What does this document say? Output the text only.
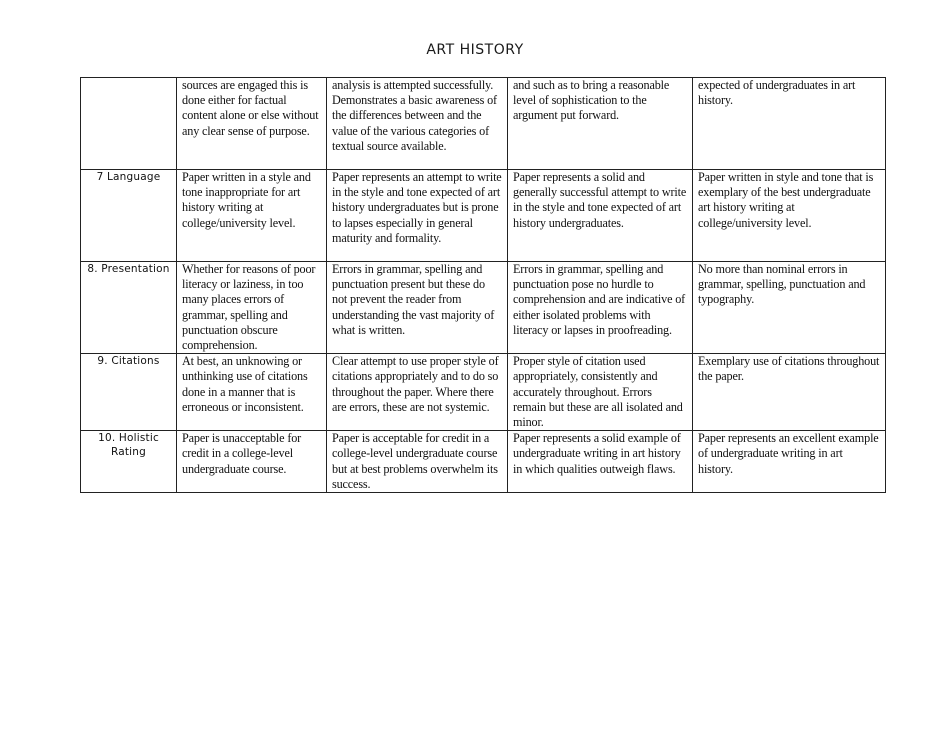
ART HISTORY
	sources are engaged this is done either for factual content alone or else without any clear sense of purpose.	analysis is attempted successfully. Demonstrates a basic awareness of the differences between and the value of the various categories of textual source available.	and such as to bring a reasonable level of sophistication to the argument put forward.	expected of undergraduates in art history.
7 Language	Paper written in a style and tone inappropriate for art history writing at college/university level.	Paper represents an attempt to write in the style and tone expected of art history undergraduates but is prone to lapses especially in general maturity and formality.	Paper represents a solid and generally successful attempt to write in the style and tone expected of art history undergraduates.	Paper written in style and tone that is exemplary of the best undergraduate art history writing at college/university level.
8. Presentation	Whether for reasons of poor literacy or laziness, in too many places errors of grammar, spelling and punctuation obscure comprehension.	Errors in grammar, spelling and punctuation present but these do not prevent the reader from understanding the vast majority of what is written.	Errors in grammar, spelling and punctuation pose no hurdle to comprehension and are indicative of either isolated problems with literacy or lapses in proofreading.	No more than nominal errors in grammar, spelling, punctuation and typography.
9. Citations	At best, an unknowing or unthinking use of citations done in a manner that is erroneous or inconsistent.	Clear attempt to use proper style of citations appropriately and to do so throughout the paper. Where there are errors, these are not systemic.	Proper style of citation used appropriately, consistently and accurately throughout. Errors remain but these are all isolated and minor.	Exemplary use of citations throughout the paper.
10. Holistic Rating	Paper is unacceptable for credit in a college-level undergraduate course.	Paper is acceptable for credit in a college-level undergraduate course but at best problems overwhelm its success.	Paper represents a solid example of undergraduate writing in art history in which qualities outweigh flaws.	Paper represents an excellent example of undergraduate writing in art history.
